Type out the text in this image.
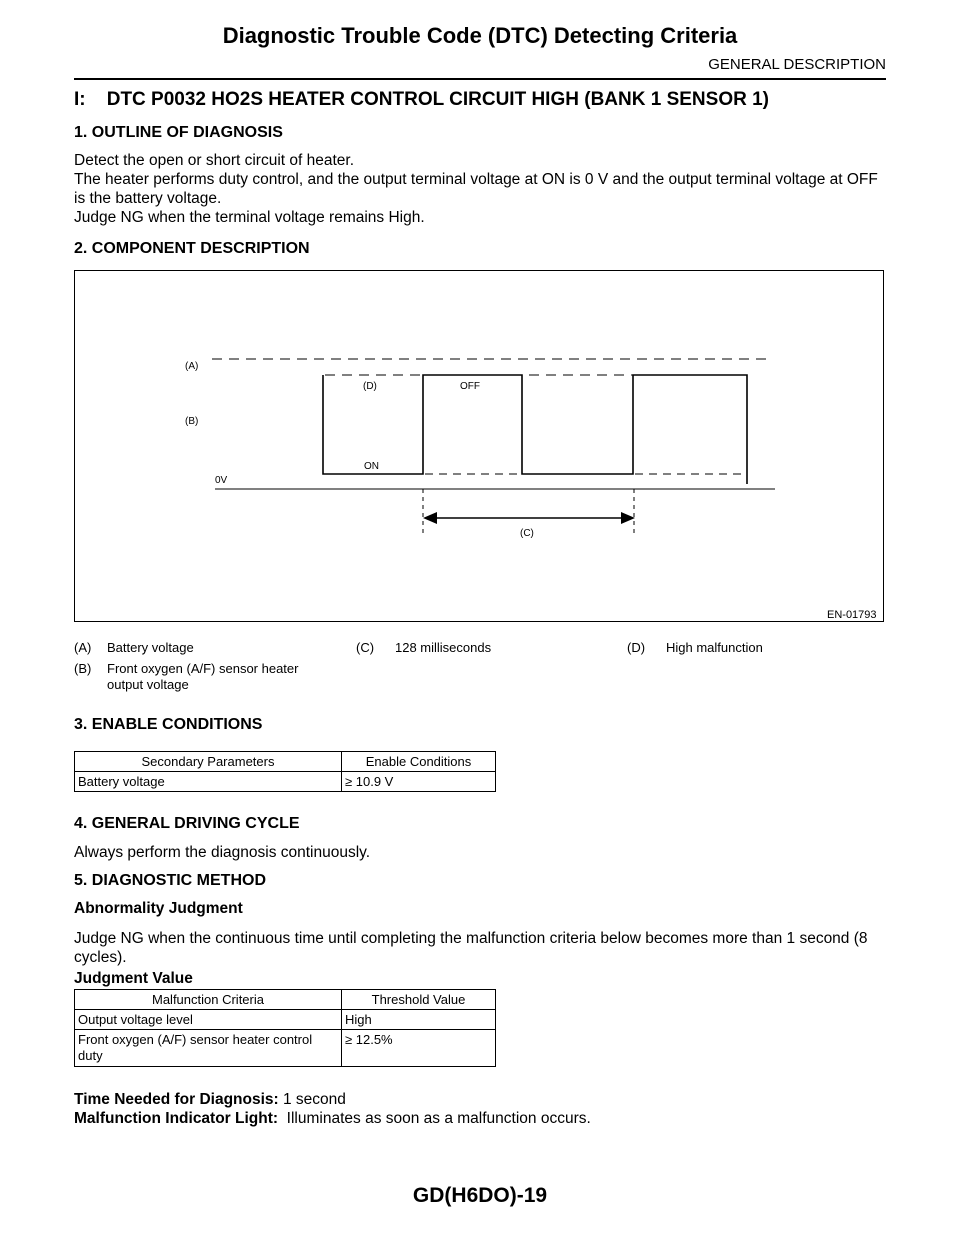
Diagnostic Trouble Code (DTC) Detecting Criteria
GENERAL DESCRIPTION
I:    DTC P0032 HO2S HEATER CONTROL CIRCUIT HIGH (BANK 1 SENSOR 1)
1. OUTLINE OF DIAGNOSIS
Detect the open or short circuit of heater.
The heater performs duty control, and the output terminal voltage at ON is 0 V and the output terminal voltage at OFF is the battery voltage.
Judge NG when the terminal voltage remains High.
2. COMPONENT DESCRIPTION
(A)
(B)
(D)	OFF
ON
0V
(C)
EN-01793
(A) Battery voltage
(B) Front oxygen (A/F) sensor heater output voltage
(C) 128 milliseconds	(D) High malfunction
3. ENABLE CONDITIONS
Secondary Parameters	Enable Conditions
Battery voltage	≥ 10.9 V
4. GENERAL DRIVING CYCLE
Always perform the diagnosis continuously.
5. DIAGNOSTIC METHOD
Abnormality Judgment
Judge NG when the continuous time until completing the malfunction criteria below becomes more than 1 second (8 cycles).
Judgment Value
Malfunction Criteria	Threshold Value
Output voltage level	High
Front oxygen (A/F) sensor heater control duty	≥ 12.5%
Time Needed for Diagnosis: 1 second
Malfunction Indicator Light:  Illuminates as soon as a malfunction occurs.
GD(H6DO)-19
